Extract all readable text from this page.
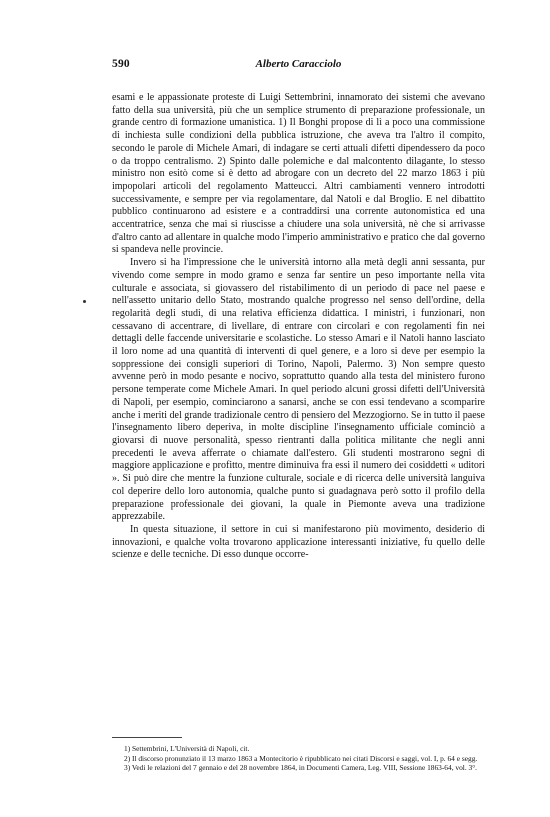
590	Alberto Caracciolo

esami e le appassionate proteste di Luigi Settembrini, innamorato dei sistemi che avevano fatto della sua università, più che un semplice strumento di preparazione professionale, un grande centro di formazione umanistica. 1) Il Bonghi propose di lì a poco una commissione di inchiesta sulle condizioni della pubblica istruzione, che aveva tra l'altro il compito, secondo le parole di Michele Amari, di indagare se certi attuali difetti dipendessero da poco o da troppo centralismo. 2) Spinto dalle polemiche e dal malcontento dilagante, lo stesso ministro non esitò come si è detto ad abrogare con un decreto del 22 marzo 1863 i più impopolari articoli del regolamento Matteucci. Altri cambiamenti vennero introdotti successivamente, e sempre per via regolamentare, dal Natoli e dal Broglio. E nel dibattito pubblico continuarono ad esistere e a contraddirsi una corrente autonomistica ed una accentratrice, senza che mai si riuscisse a chiudere una sola università, nè che si arrivasse d'altro canto ad allentare in qualche modo l'imperio amministrativo e pratico che dal governo si spandeva nelle provincie.

Invero si ha l'impressione che le università intorno alla metà degli anni sessanta, pur vivendo come sempre in modo gramo e senza far sentire un peso importante nella vita culturale e associata, si giovassero del ristabilimento di un periodo di pace nel paese e nell'assetto unitario dello Stato, mostrando qualche progresso nel senso dell'ordine, della regolarità degli studi, di una relativa efficienza didattica. I ministri, i funzionari, non cessavano di accentrare, di livellare, di entrare con circolari e con regolamenti fin nei dettagli delle faccende universitarie e scolastiche. Lo stesso Amari e il Natoli hanno lasciato il loro nome ad una quantità di interventi di quel genere, e a loro si deve per esempio la soppressione dei consigli superiori di Torino, Napoli, Palermo. 3) Non sempre questo avvenne però in modo pesante e nocivo, soprattutto quando alla testa del ministero furono persone temperate come Michele Amari. In quel periodo alcuni grossi difetti dell'Università di Napoli, per esempio, cominciarono a sanarsi, anche se con essi tendevano a scomparire anche i meriti del grande tradizionale centro di pensiero del Mezzogiorno. Se in tutto il paese l'insegnamento libero deperiva, in molte discipline l'insegnamento ufficiale cominciò a giovarsi di nuove personalità, spesso rientranti dalla politica militante che negli anni precedenti le aveva afferrate o chiamate dall'estero. Gli studenti mostrarono segni di maggiore applicazione e profitto, mentre diminuiva fra essi il numero dei cosiddetti « uditori ». Si può dire che mentre la funzione culturale, sociale e di ricerca delle università languiva col deperire dello loro autonomia, qualche punto si guadagnava però sotto il profilo della preparazione professionale dei giovani, la quale in Piemonte aveva una tradizione apprezzabile.

In questa situazione, il settore in cui si manifestarono più movimento, desiderio di innovazioni, e qualche volta trovarono applicazione interessanti iniziative, fu quello delle scienze e delle tecniche. Di esso dunque occorre-

1) Settembrini, L'Università di Napoli, cit.
2) Il discorso pronunziato il 13 marzo 1863 a Montecitorio è ripubblicato nei citati Discorsi e saggi, vol. I, p. 64 e segg.
3) Vedi le relazioni del 7 gennaio e del 28 novembre 1864, in Documenti Camera, Leg. VIII, Sessione 1863-64, vol. 3°.
